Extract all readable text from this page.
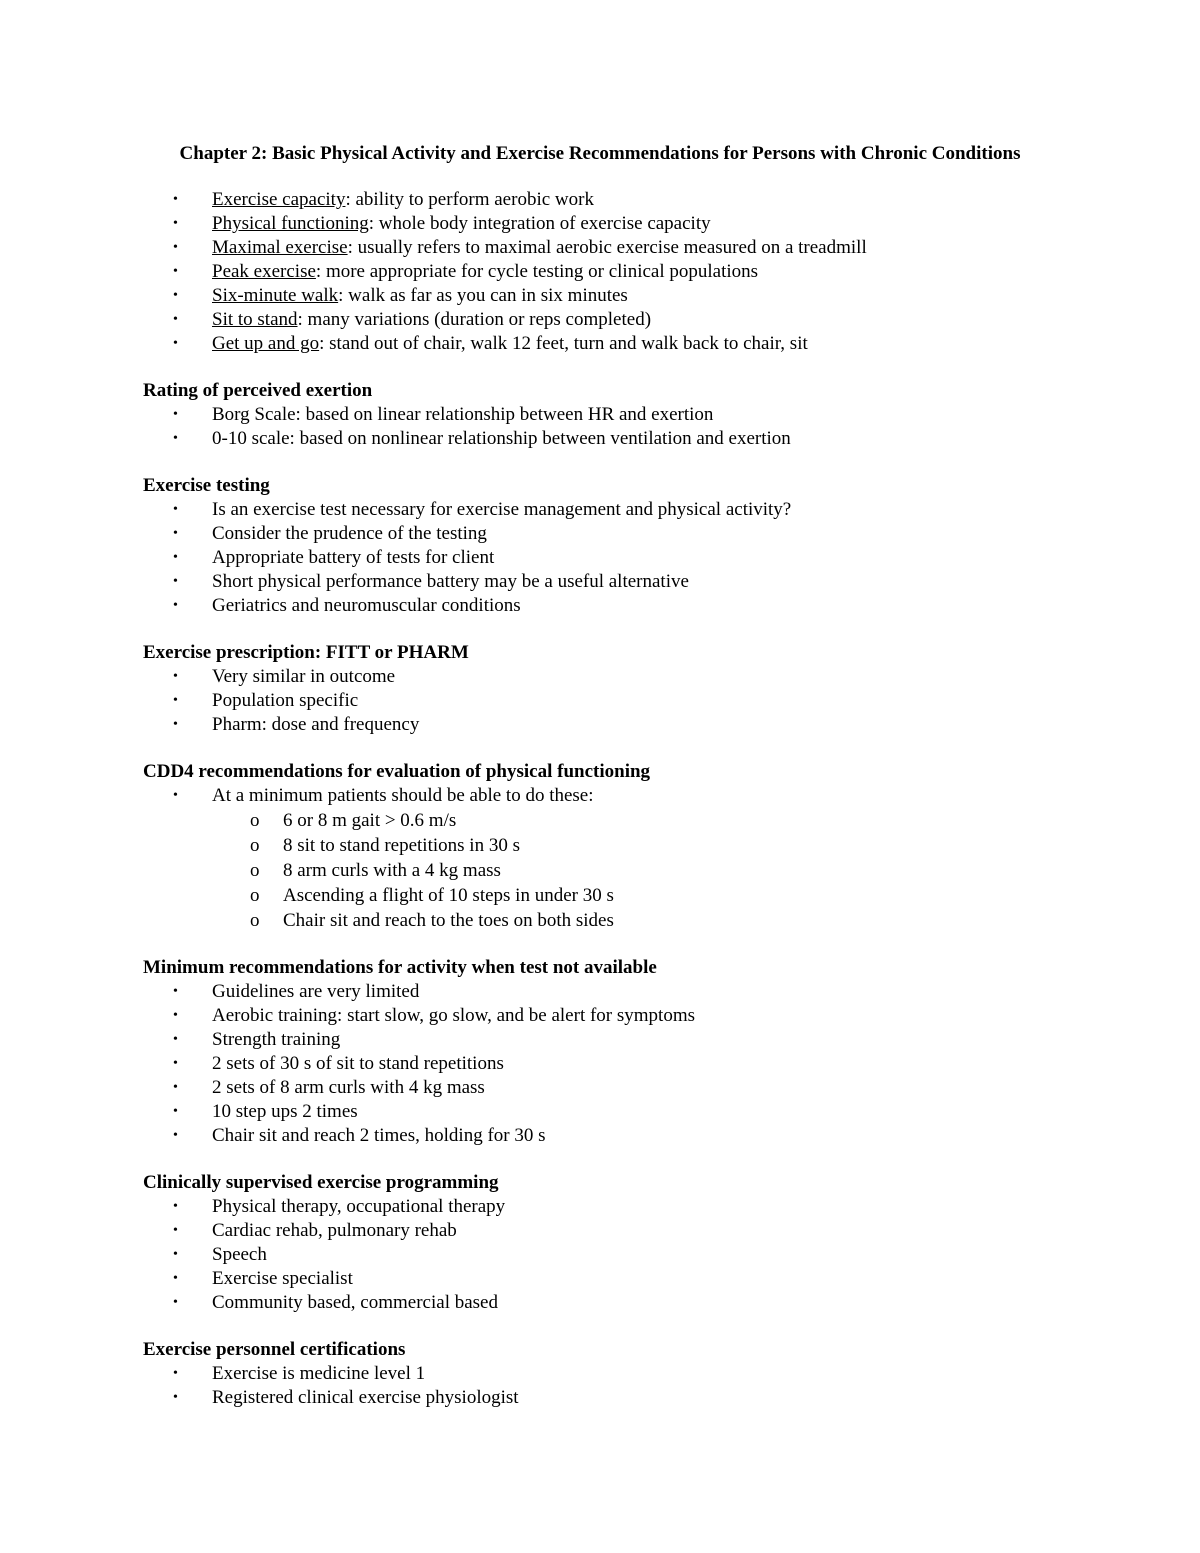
Chapter 2: Basic Physical Activity and Exercise Recommendations for Persons with Chronic Conditions
• Exercise capacity: ability to perform aerobic work
• Physical functioning: whole body integration of exercise capacity
• Maximal exercise: usually refers to maximal aerobic exercise measured on a treadmill
• Peak exercise: more appropriate for cycle testing or clinical populations
• Six-minute walk: walk as far as you can in six minutes
• Sit to stand: many variations (duration or reps completed)
• Get up and go: stand out of chair, walk 12 feet, turn and walk back to chair, sit
Rating of perceived exertion
• Borg Scale: based on linear relationship between HR and exertion
• 0-10 scale: based on nonlinear relationship between ventilation and exertion
Exercise testing
• Is an exercise test necessary for exercise management and physical activity?
• Consider the prudence of the testing
• Appropriate battery of tests for client
• Short physical performance battery may be a useful alternative
• Geriatrics and neuromuscular conditions
Exercise prescription: FITT or PHARM
• Very similar in outcome
• Population specific
• Pharm: dose and frequency
CDD4 recommendations for evaluation of physical functioning
• At a minimum patients should be able to do these:
o 6 or 8 m gait > 0.6 m/s
o 8 sit to stand repetitions in 30 s
o 8 arm curls with a 4 kg mass
o Ascending a flight of 10 steps in under 30 s
o Chair sit and reach to the toes on both sides
Minimum recommendations for activity when test not available
• Guidelines are very limited
• Aerobic training: start slow, go slow, and be alert for symptoms
• Strength training
• 2 sets of 30 s of sit to stand repetitions
• 2 sets of 8 arm curls with 4 kg mass
• 10 step ups 2 times
• Chair sit and reach 2 times, holding for 30 s
Clinically supervised exercise programming
• Physical therapy, occupational therapy
• Cardiac rehab, pulmonary rehab
• Speech
• Exercise specialist
• Community based, commercial based
Exercise personnel certifications
• Exercise is medicine level 1
• Registered clinical exercise physiologist
